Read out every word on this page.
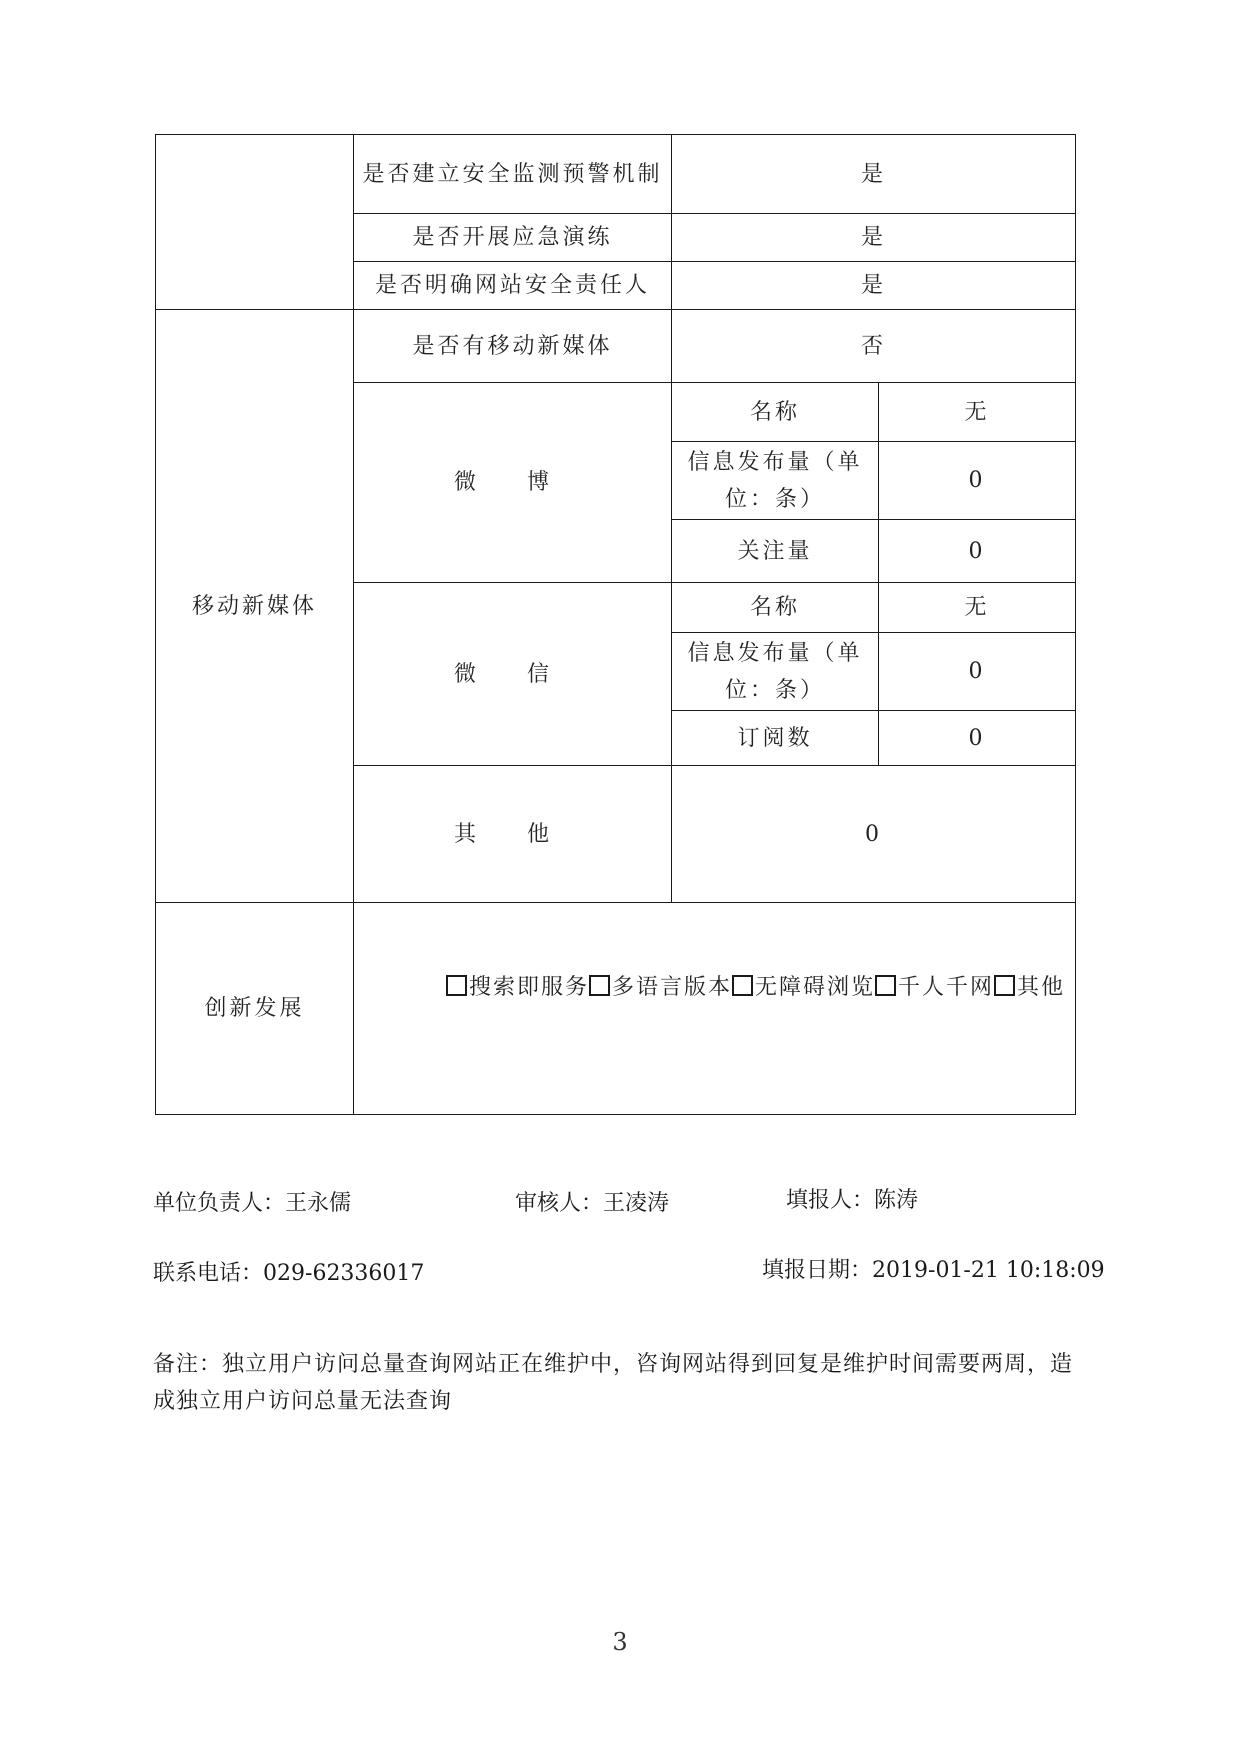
	是否建立安全监测预警机制	是	
	是否开展应急演练	是	
	是否明确网站安全责任人	是	
移动新媒体	是否有移动新媒体	否	
	微 博	名称	无
		信息发布量（单位：条）	0
		关注量	0
	微 信	名称	无
		信息发布量（单位：条）	0
		订阅数	0
	其 他	0	
创新发展	搜索即服务 多语言版本 无障碍浏览 千人千网 其他		
单位负责人：王永儒	审核人：王凌涛	填报人：陈涛
联系电话：029-62336017	填报日期：2019-01-21 10:18:09
备注：独立用户访问总量查询网站正在维护中，咨询网站得到回复是维护时间需要两周，造成独立用户访问总量无法查询
3
